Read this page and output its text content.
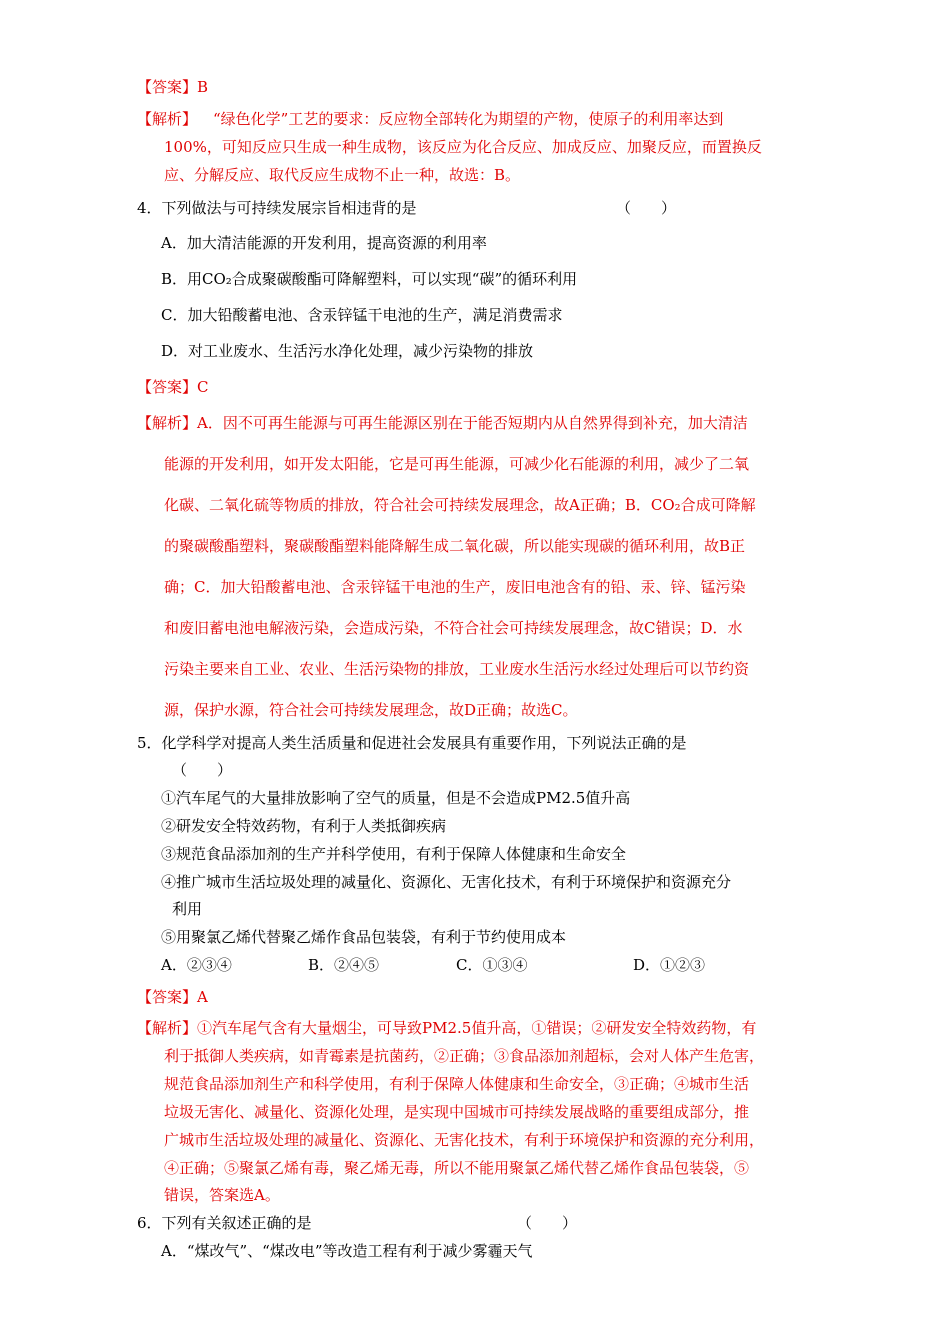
【答案】B
【解析】 “绿色化学”工艺的要求：反应物全部转化为期望的产物，使原子的利用率达到
100%，可知反应只生成一种生成物，该反应为化合反应、加成反应、加聚反应，而置换反
应、分解反应、取代反应生成物不止一种，故选：B。
4．下列做法与可持续发展宗旨相违背的是	（　　）
A．加大清洁能源的开发利用，提高资源的利用率
B．用CO₂合成聚碳酸酯可降解塑料，可以实现“碳”的循环利用
C．加大铅酸蓄电池、含汞锌锰干电池的生产，满足消费需求
D．对工业废水、生活污水净化处理，减少污染物的排放
【答案】C
【解析】A．因不可再生能源与可再生能源区别在于能否短期内从自然界得到补充，加大清洁
能源的开发利用，如开发太阳能，它是可再生能源，可减少化石能源的利用，减少了二氧
化碳、二氧化硫等物质的排放，符合社会可持续发展理念，故A正确；B．CO₂合成可降解
的聚碳酸酯塑料，聚碳酸酯塑料能降解生成二氧化碳，所以能实现碳的循环利用，故B正
确；C．加大铅酸蓄电池、含汞锌锰干电池的生产，废旧电池含有的铅、汞、锌、锰污染
和废旧蓄电池电解液污染，会造成污染，不符合社会可持续发展理念，故C错误；D．水
污染主要来自工业、农业、生活污染物的排放，工业废水生活污水经过处理后可以节约资
源，保护水源，符合社会可持续发展理念，故D正确；故选C。
5．化学科学对提高人类生活质量和促进社会发展具有重要作用，下列说法正确的是
（　　）
①汽车尾气的大量排放影响了空气的质量，但是不会造成PM2.5值升高
②研发安全特效药物，有利于人类抵御疾病
③规范食品添加剂的生产并科学使用，有利于保障人体健康和生命安全
④推广城市生活垃圾处理的减量化、资源化、无害化技术，有利于环境保护和资源充分
利用
⑤用聚氯乙烯代替聚乙烯作食品包装袋，有利于节约使用成本
A．②③④	B．②④⑤	C．①③④	D．①②③
【答案】A
【解析】①汽车尾气含有大量烟尘，可导致PM2.5值升高，①错误；②研发安全特效药物，有
利于抵御人类疾病，如青霉素是抗菌药，②正确；③食品添加剂超标，会对人体产生危害，
规范食品添加剂生产和科学使用，有利于保障人体健康和生命安全，③正确；④城市生活
垃圾无害化、减量化、资源化处理，是实现中国城市可持续发展战略的重要组成部分，推
广城市生活垃圾处理的减量化、资源化、无害化技术，有利于环境保护和资源的充分利用，
④正确；⑤聚氯乙烯有毒，聚乙烯无毒，所以不能用聚氯乙烯代替乙烯作食品包装袋，⑤
错误，答案选A。
6．下列有关叙述正确的是	（　　）
A．“煤改气”、“煤改电”等改造工程有利于减少雾霾天气
